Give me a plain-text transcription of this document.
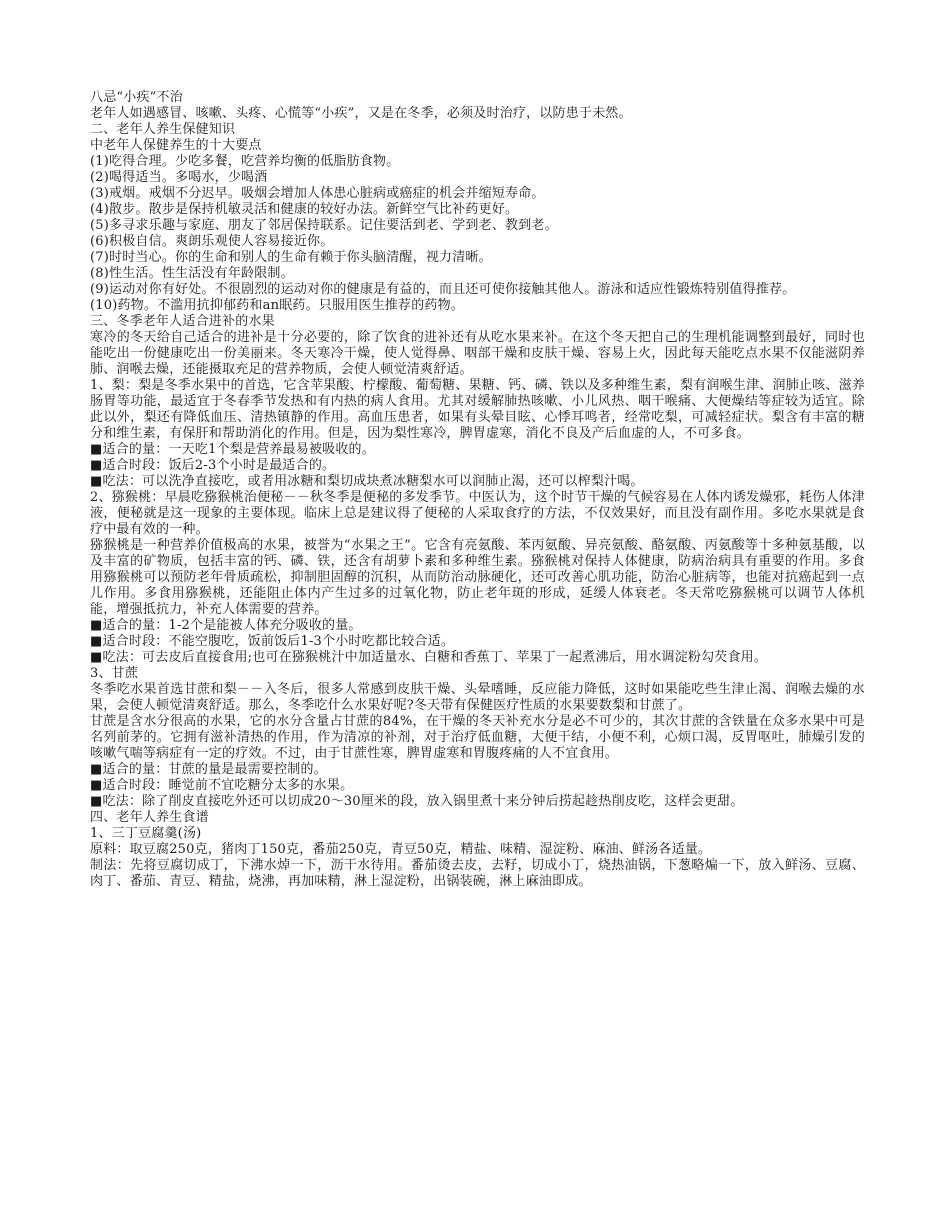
八忌“小疾”不治

老年人如遇感冒、咳嗽、头疼、心慌等“小疾”，又是在冬季，必须及时治疗，以防患于未然。

二、老年人养生保健知识

中老年人保健养生的十大要点

(1)吃得合理。少吃多餐，吃营养均衡的低脂肪食物。

(2)喝得适当。多喝水，少喝酒

(3)戒烟。戒烟不分迟早。吸烟会增加人体患心脏病或癌症的机会并缩短寿命。

(4)散步。散步是保持机敏灵活和健康的较好办法。新鲜空气比补药更好。

(5)多寻求乐趣与家庭、朋友了邻居保持联系。记住要活到老、学到老、教到老。

(6)积极自信。爽朗乐观使人容易接近你。

(7)时时当心。你的生命和别人的生命有赖于你头脑清醒，视力清晰。

(8)性生活。性生活没有年龄限制。

(9)运动对你有好处。不很剧烈的运动对你的健康是有益的，而且还可使你接触其他人。游泳和适应性锻炼特别值得推荐。

(10)药物。不滥用抗抑郁药和an眠药。只服用医生推荐的药物。

三、冬季老年人适合进补的水果

寒冷的冬天给自己适合的进补是十分必要的，除了饮食的进补还有从吃水果来补。在这个冬天把自己的生理机能调整到最好，同时也能吃出一份健康吃出一份美丽来。冬天寒冷干燥，使人觉得鼻、咽部干燥和皮肤干燥、容易上火，因此每天能吃点水果不仅能滋阴养肺、润喉去燥，还能摄取充足的营养物质，会使人顿觉清爽舒适。

1、梨：梨是冬季水果中的首选，它含苹果酸、柠檬酸、葡萄糖、果糖、钙、磷、铁以及多种维生素，梨有润喉生津、润肺止咳、滋养肠胃等功能，最适宜于冬春季节发热和有内热的病人食用。尤其对缓解肺热咳嗽、小儿风热、咽干喉痛、大便燥结等症较为适宜。除此以外，梨还有降低血压、清热镇静的作用。高血压患者，如果有头晕目眩、心悸耳鸣者，经常吃梨，可减轻症状。梨含有丰富的糖分和维生素，有保肝和帮助消化的作用。但是，因为梨性寒冷，脾胃虚寒，消化不良及产后血虚的人，不可多食。

■适合的量：一天吃1个梨是营养最易被吸收的。

■适合时段：饭后2-3个小时是最适合的。

■吃法：可以洗净直接吃，或者用冰糖和梨切成块煮冰糖梨水可以润肺止渴，还可以榨梨汁喝。

2、猕猴桃：早晨吃猕猴桃治便秘－－秋冬季是便秘的多发季节。中医认为，这个时节干燥的气候容易在人体内诱发燥邪，耗伤人体津液，便秘就是这一现象的主要体现。临床上总是建议得了便秘的人采取食疗的方法，不仅效果好，而且没有副作用。多吃水果就是食疗中最有效的一种。

猕猴桃是一种营养价值极高的水果，被誉为“水果之王”。它含有亮氨酸、苯丙氨酸、异亮氨酸、酪氨酸、丙氨酸等十多种氨基酸，以及丰富的矿物质，包括丰富的钙、磷、铁，还含有胡萝卜素和多种维生素。猕猴桃对保持人体健康，防病治病具有重要的作用。多食用猕猴桃可以预防老年骨质疏松，抑制胆固醇的沉积，从而防治动脉硬化，还可改善心肌功能，防治心脏病等，也能对抗癌起到一点儿作用。多食用猕猴桃，还能阻止体内产生过多的过氧化物，防止老年斑的形成，延缓人体衰老。冬天常吃猕猴桃可以调节人体机能，增强抵抗力，补充人体需要的营养。

■适合的量：1-2个是能被人体充分吸收的量。

■适合时段：不能空腹吃，饭前饭后1-3个小时吃都比较合适。

■吃法：可去皮后直接食用;也可在猕猴桃汁中加适量水、白糖和香蕉丁、苹果丁一起煮沸后，用水调淀粉勾芡食用。

3、甘蔗

冬季吃水果首选甘蔗和梨－－入冬后，很多人常感到皮肤干燥、头晕嗜睡，反应能力降低，这时如果能吃些生津止渴、润喉去燥的水果，会使人顿觉清爽舒适。那么，冬季吃什么水果好呢?冬天带有保健医疗性质的水果要数梨和甘蔗了。

甘蔗是含水分很高的水果，它的水分含量占甘蔗的84%，在干燥的冬天补充水分是必不可少的，其次甘蔗的含铁量在众多水果中可是名列前茅的。它拥有滋补清热的作用，作为清凉的补剂，对于治疗低血糖，大便干结，小便不利，心烦口渴，反胃呕吐，肺燥引发的咳嗽气喘等病症有一定的疗效。不过，由于甘蔗性寒，脾胃虚寒和胃腹疼痛的人不宜食用。

■适合的量：甘蔗的量是最需要控制的。

■适合时段：睡觉前不宜吃糖分太多的水果。

■吃法：除了削皮直接吃外还可以切成20～30厘米的段，放入锅里煮十来分钟后捞起趁热削皮吃，这样会更甜。

四、老年人养生食谱

1、三丁豆腐羹(汤)

原料：取豆腐250克，猪肉丁150克，番茄250克，青豆50克，精盐、味精、湿淀粉、麻油、鲜汤各适量。

制法：先将豆腐切成丁，下沸水焯一下，沥干水待用。番茄烫去皮，去籽，切成小丁，烧热油锅，下葱略煸一下，放入鲜汤、豆腐、肉丁、番茄、青豆、精盐，烧沸，再加味精，淋上湿淀粉，出锅装碗，淋上麻油即成。
